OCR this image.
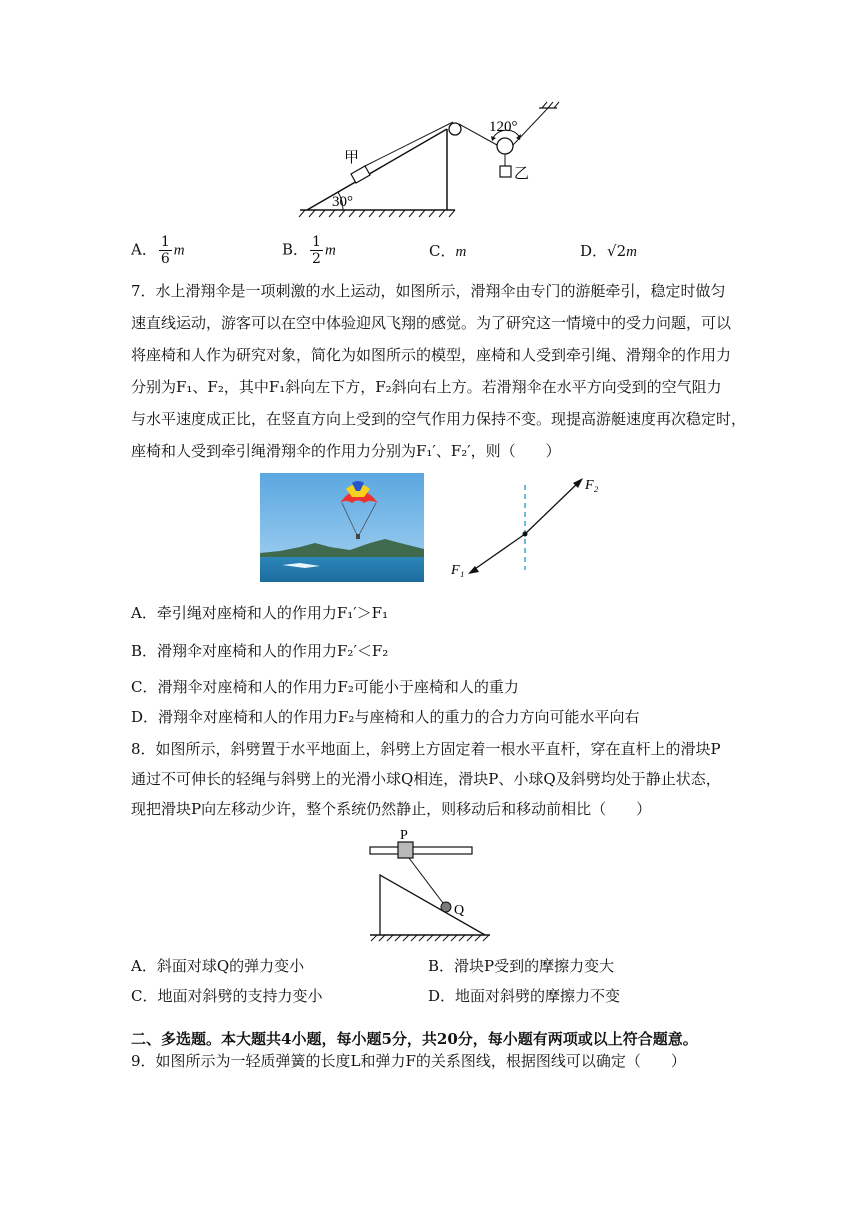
甲
乙
30°
120°
A． $\frac{1}{6}$ m	B． $\frac{1}{2}$ m	C．m	D．√2m
7．水上滑翔伞是一项刺激的水上运动，如图所示，滑翔伞由专门的游艇牵引，稳定时做匀
速直线运动，游客可以在空中体验迎风飞翔的感觉。为了研究这一情境中的受力问题，可以
将座椅和人作为研究对象，简化为如图所示的模型，座椅和人受到牵引绳、滑翔伞的作用力
分别为F₁、F₂，其中F₁斜向左下方，F₂斜向右上方。若滑翔伞在水平方向受到的空气阻力
与水平速度成正比，在竖直方向上受到的空气作用力保持不变。现提高游艇速度再次稳定时，
座椅和人受到牵引绳滑翔伞的作用力分别为F₁′、F₂′，则（　　）
F₂
F₁
A．牵引绳对座椅和人的作用力F₁′＞F₁
B．滑翔伞对座椅和人的作用力F₂′＜F₂
C．滑翔伞对座椅和人的作用力F₂可能小于座椅和人的重力
D．滑翔伞对座椅和人的作用力F₂与座椅和人的重力的合力方向可能水平向右
8．如图所示，斜劈置于水平地面上，斜劈上方固定着一根水平直杆，穿在直杆上的滑块P
通过不可伸长的轻绳与斜劈上的光滑小球Q相连，滑块P、小球Q及斜劈均处于静止状态，
现把滑块P向左移动少许，整个系统仍然静止，则移动后和移动前相比（　　）
P
Q
A．斜面对球Q的弹力变小	B．滑块P受到的摩擦力变大
C．地面对斜劈的支持力变小	D．地面对斜劈的摩擦力不变
二、多选题。本大题共4小题，每小题5分，共20分，每小题有两项或以上符合题意。
9．如图所示为一轻质弹簧的长度L和弹力F的关系图线，根据图线可以确定（　　）
